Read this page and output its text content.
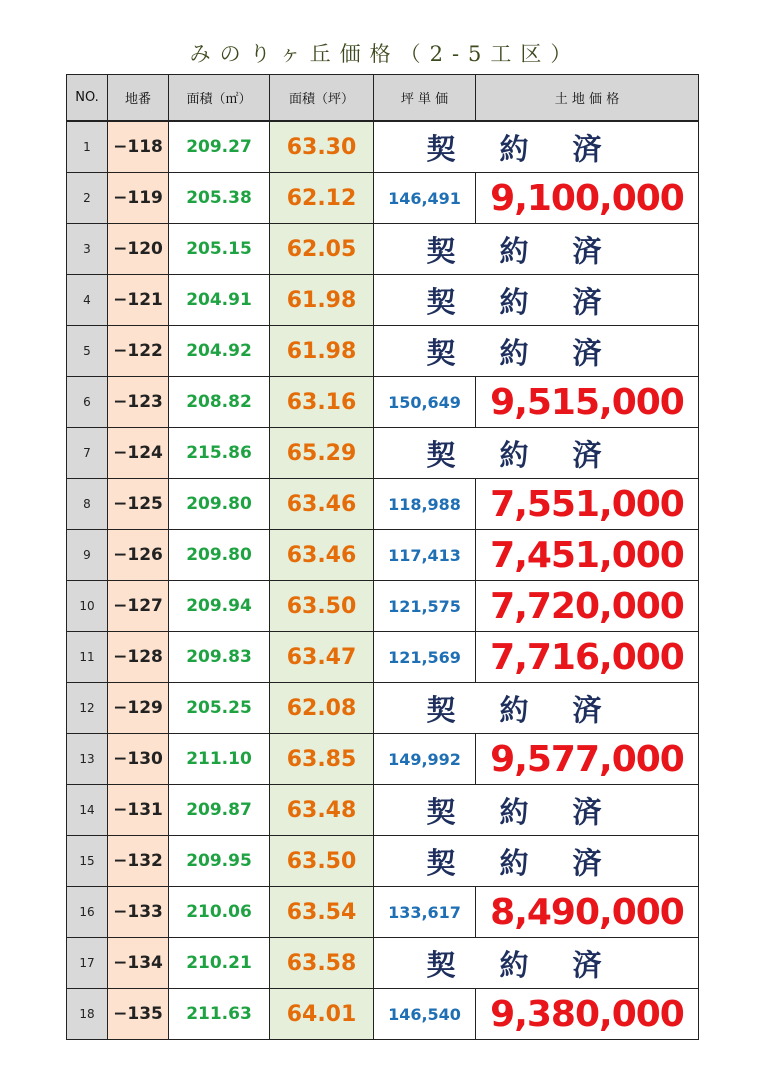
みのりヶ丘価格（2-5工区）
NO.	地番	面積（㎡）	面積（坪）	坪 単 価	土 地 価 格
1	−118	209.27	63.30	契約済	
2	−119	205.38	62.12	146,491	9,100,000
3	−120	205.15	62.05	契約済	
4	−121	204.91	61.98	契約済	
5	−122	204.92	61.98	契約済	
6	−123	208.82	63.16	150,649	9,515,000
7	−124	215.86	65.29	契約済	
8	−125	209.80	63.46	118,988	7,551,000
9	−126	209.80	63.46	117,413	7,451,000
10	−127	209.94	63.50	121,575	7,720,000
11	−128	209.83	63.47	121,569	7,716,000
12	−129	205.25	62.08	契約済	
13	−130	211.10	63.85	149,992	9,577,000
14	−131	209.87	63.48	契約済	
15	−132	209.95	63.50	契約済	
16	−133	210.06	63.54	133,617	8,490,000
17	−134	210.21	63.58	契約済	
18	−135	211.63	64.01	146,540	9,380,000
